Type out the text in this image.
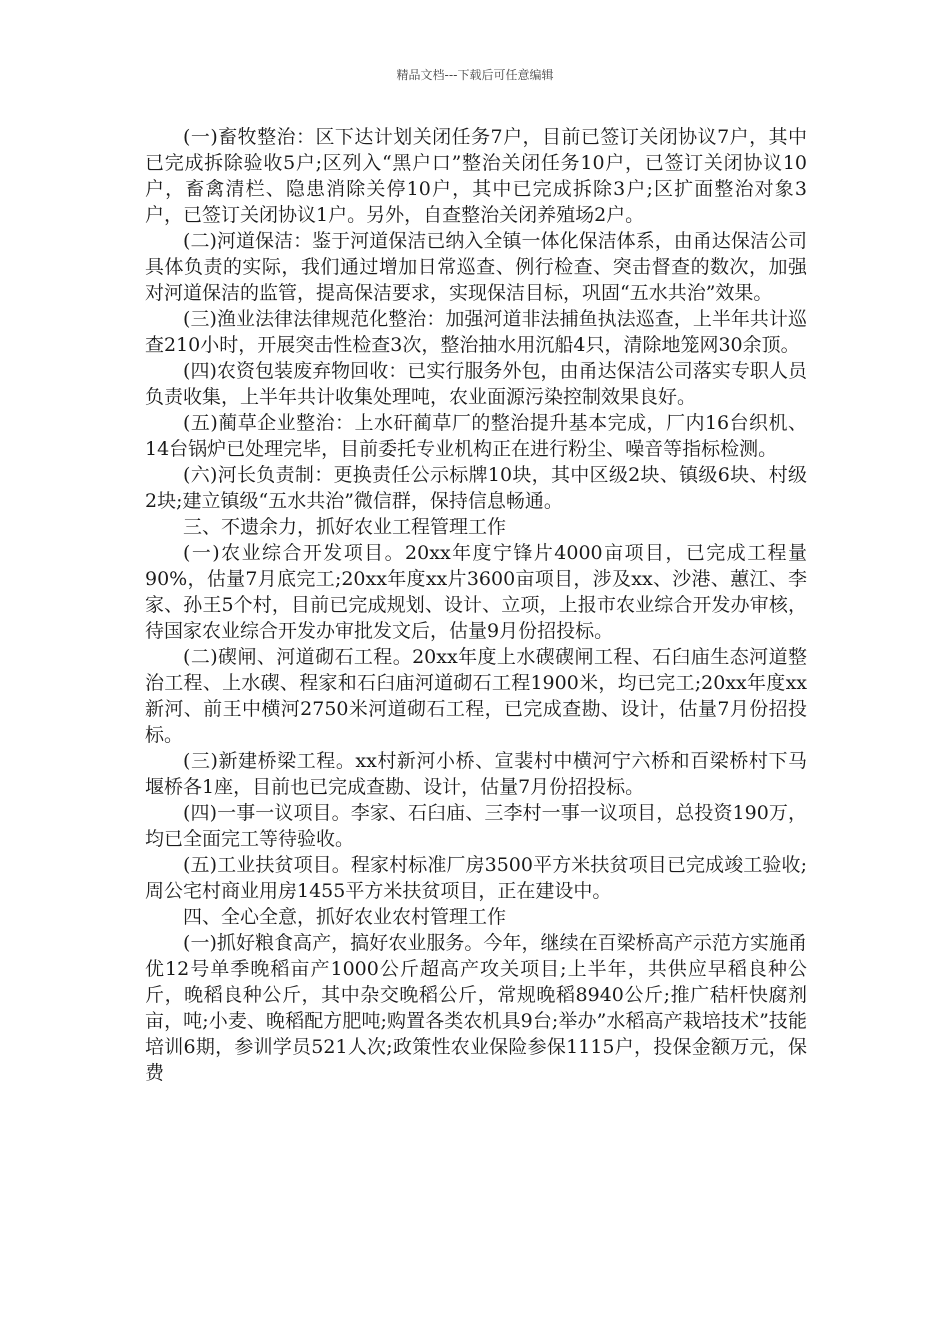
精品文档---下载后可任意编辑

(一)畜牧整治：区下达计划关闭任务7户，目前已签订关闭协议7户，其中已完成拆除验收5户;区列入“黑户口”整治关闭任务10户，已签订关闭协议10户，畜禽清栏、隐患消除关停10户，其中已完成拆除3户;区扩面整治对象3户，已签订关闭协议1户。另外，自查整治关闭养殖场2户。

(二)河道保洁：鉴于河道保洁已纳入全镇一体化保洁体系，由甬达保洁公司具体负责的实际，我们通过增加日常巡查、例行检查、突击督查的数次，加强对河道保洁的监管，提高保洁要求，实现保洁目标，巩固“五水共治”效果。

(三)渔业法律法律规范化整治：加强河道非法捕鱼执法巡查，上半年共计巡查210小时，开展突击性检查3次，整治抽水用沉船4只，清除地笼网30余顶。

(四)农资包装废弃物回收：已实行服务外包，由甬达保洁公司落实专职人员负责收集，上半年共计收集处理吨，农业面源污染控制效果良好。

(五)蔺草企业整治：上水矸蔺草厂的整治提升基本完成，厂内16台织机、14台锅炉已处理完毕，目前委托专业机构正在进行粉尘、噪音等指标检测。

(六)河长负责制：更换责任公示标牌10块，其中区级2块、镇级6块、村级2块;建立镇级“五水共治”微信群，保持信息畅通。

三、不遗余力，抓好农业工程管理工作

(一)农业综合开发项目。20xx年度宁锋片4000亩项目，已完成工程量90%，估量7月底完工;20xx年度xx片3600亩项目，涉及xx、沙港、蕙江、李家、孙王5个村，目前已完成规划、设计、立项，上报市农业综合开发办审核，待国家农业综合开发办审批发文后，估量9月份招投标。

(二)碶闸、河道砌石工程。20xx年度上水碶碶闸工程、石臼庙生态河道整治工程、上水碶、程家和石臼庙河道砌石工程1900米，均已完工;20xx年度xx新河、前王中横河2750米河道砌石工程，已完成查勘、设计，估量7月份招投标。

(三)新建桥梁工程。xx村新河小桥、宣裴村中横河宁六桥和百梁桥村下马堰桥各1座，目前也已完成查勘、设计，估量7月份招投标。

(四)一事一议项目。李家、石臼庙、三李村一事一议项目，总投资190万，均已全面完工等待验收。

(五)工业扶贫项目。程家村标准厂房3500平方米扶贫项目已完成竣工验收;周公宅村商业用房1455平方米扶贫项目，正在建设中。

四、全心全意，抓好农业农村管理工作

(一)抓好粮食高产，搞好农业服务。今年，继续在百梁桥高产示范方实施甬优12号单季晚稻亩产1000公斤超高产攻关项目;上半年，共供应早稻良种公斤，晚稻良种公斤，其中杂交晚稻公斤，常规晚稻8940公斤;推广秸杆快腐剂亩，吨;小麦、晚稻配方肥吨;购置各类农机具9台;举办”水稻高产栽培技术”技能培训6期，参训学员521人次;政策性农业保险参保1115户，投保金额万元，保费
